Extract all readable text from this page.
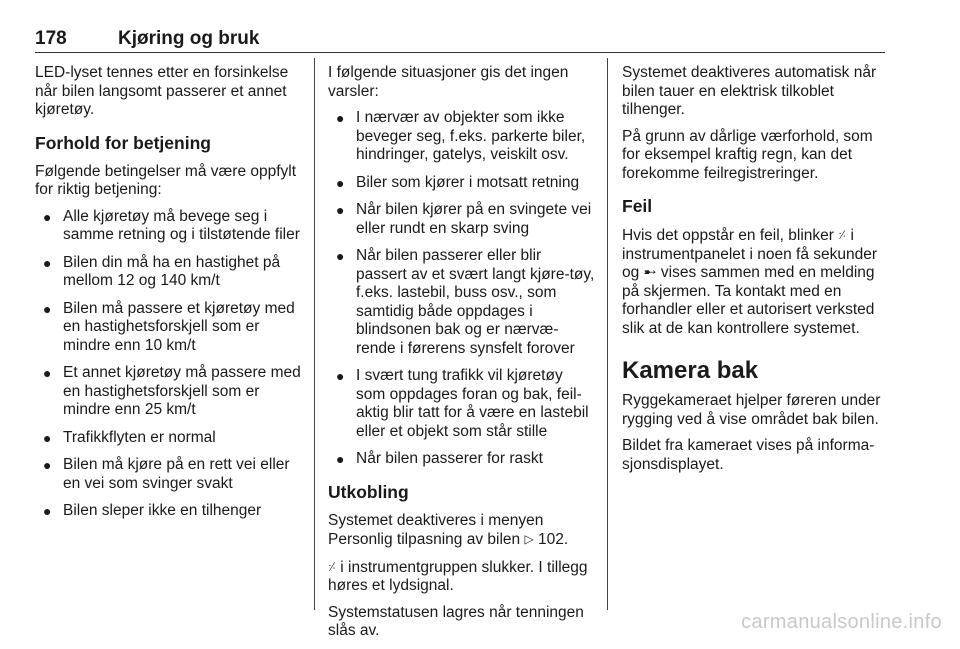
178	Kjøring og bruk

LED-lyset tennes etter en forsinkelse når bilen langsomt passerer et annet kjøretøy.

Forhold for betjening

Følgende betingelser må være oppfylt for riktig betjening:

● Alle kjøretøy må bevege seg i samme retning og i tilstøtende filer
● Bilen din må ha en hastighet på mellom 12 og 140 km/t
● Bilen må passere et kjøretøy med en hastighetsforskjell som er mindre enn 10 km/t
● Et annet kjøretøy må passere med en hastighetsforskjell som er mindre enn 25 km/t
● Trafikkflyten er normal
● Bilen må kjøre på en rett vei eller en vei som svinger svakt
● Bilen sleper ikke en tilhenger

I følgende situasjoner gis det ingen varsler:

● I nærvær av objekter som ikke beveger seg, f.eks. parkerte biler, hindringer, gatelys, veiskilt osv.
● Biler som kjører i motsatt retning
● Når bilen kjører på en svingete vei eller rundt en skarp sving
● Når bilen passerer eller blir passert av et svært langt kjøre-tøy, f.eks. lastebil, buss osv., som samtidig både oppdages i blindsonen bak og er nærvæ-rende i førerens synsfelt forover
● I svært tung trafikk vil kjøretøy som oppdages foran og bak, feil-aktig blir tatt for å være en lastebil eller et objekt som står stille
● Når bilen passerer for raskt
Utkobling

Systemet deaktiveres i menyen Personlig tilpasning av bilen ▷ 102.

⸓ i instrumentgruppen slukker. I tillegg høres et lydsignal.

Systemstatusen lagres når tenningen slås av.

Systemet deaktiveres automatisk når bilen tauer en elektrisk tilkoblet tilhenger.

På grunn av dårlige værforhold, som for eksempel kraftig regn, kan det forekomme feilregistreringer.

Feil

Hvis det oppstår en feil, blinker ⸓ i instrumentpanelet i noen få sekunder og ➸ vises sammen med en melding på skjermen. Ta kontakt med en forhandler eller et autorisert verksted slik at de kan kontrollere systemet.

Kamera bak

Ryggekameraet hjelper føreren under rygging ved å vise området bak bilen.

Bildet fra kameraet vises på informa-sjonsdisplayet.

carmanualsonline.info
